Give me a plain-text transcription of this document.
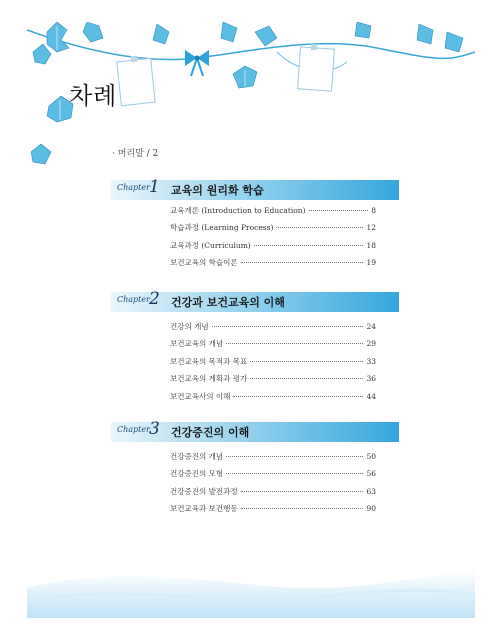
차례
· 머리말 / 2
Chapter 1 교육의 원리화 학습
교육개론 (Introduction to Education)	8
학습과정 (Learning Process)	12
교육과정 (Curriculum)	18
보건교육의 학습이론	19
Chapter 2 건강과 보건교육의 이해
건강의 개념	24
보건교육의 개념	29
보건교육의 목적과 목표	33
보건교육의 계획과 평가	36
보건교육사의 이해	44
Chapter 3 건강증진의 이해
건강증진의 개념	50
건강증진의 모형	56
건강증진의 발전과정	63
보건교육과 보건행동	90
